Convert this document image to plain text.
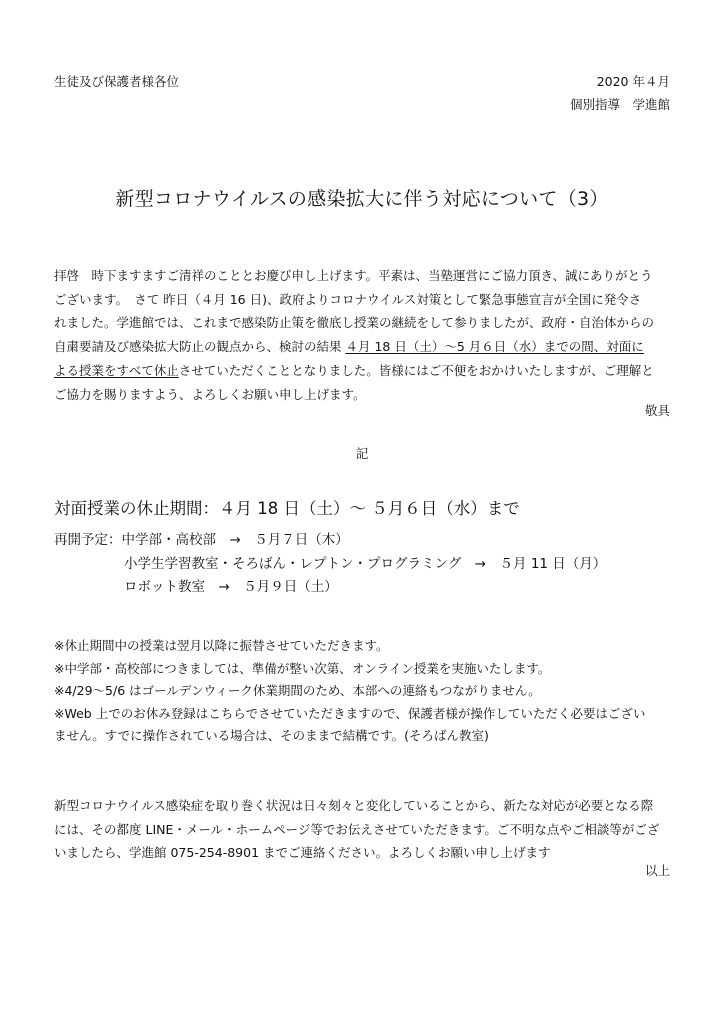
生徒及び保護者様各位	2020 年４月
個別指導　学進館
新型コロナウイルスの感染拡大に伴う対応について（3）
拝啓　時下ますますご清祥のこととお慶び申し上げます。平素は、当塾運営にご協力頂き、誠にありがとう
ございます。　さて 昨日（４月 16 日)、政府よりコロナウイルス対策として緊急事態宣言が全国に発令さ
れました。学進館では、これまで感染防止策を徹底し授業の継続をして参りましたが、政府・自治体からの
自粛要請及び感染拡大防止の観点から、検討の結果 ４月 18 日（土）～5 月６日（水）までの間、対面に
よる授業をすべて休止させていただくこととなりました。皆様にはご不便をおかけいたしますが、ご理解と
ご協力を賜りますよう、よろしくお願い申し上げます。
敬具
記
対面授業の休止期間：４月 18 日（土）～ ５月６日（水）まで
再開予定：中学部・高校部　→　５月７日（木）
小学生学習教室・そろばん・レプトン・プログラミング　→　５月 11 日（月）
ロボット教室　→　５月９日（土）
※休止期間中の授業は翌月以降に振替させていただきます。
※中学部・高校部につきましては、準備が整い次第、オンライン授業を実施いたします。
※4/29～5/6 はゴールデンウィーク休業期間のため、本部への連絡もつながりません。
※Web 上でのお休み登録はこちらでさせていただきますので、保護者様が操作していただく必要はござい
ません。すでに操作されている場合は、そのままで結構です。(そろばん教室)
新型コロナウイルス感染症を取り巻く状況は日々刻々と変化していることから、新たな対応が必要となる際
には、その都度 LINE・メール・ホームページ等でお伝えさせていただきます。ご不明な点やご相談等がござ
いましたら、学進館 075-254-8901 までご連絡ください。よろしくお願い申し上げます
以上
